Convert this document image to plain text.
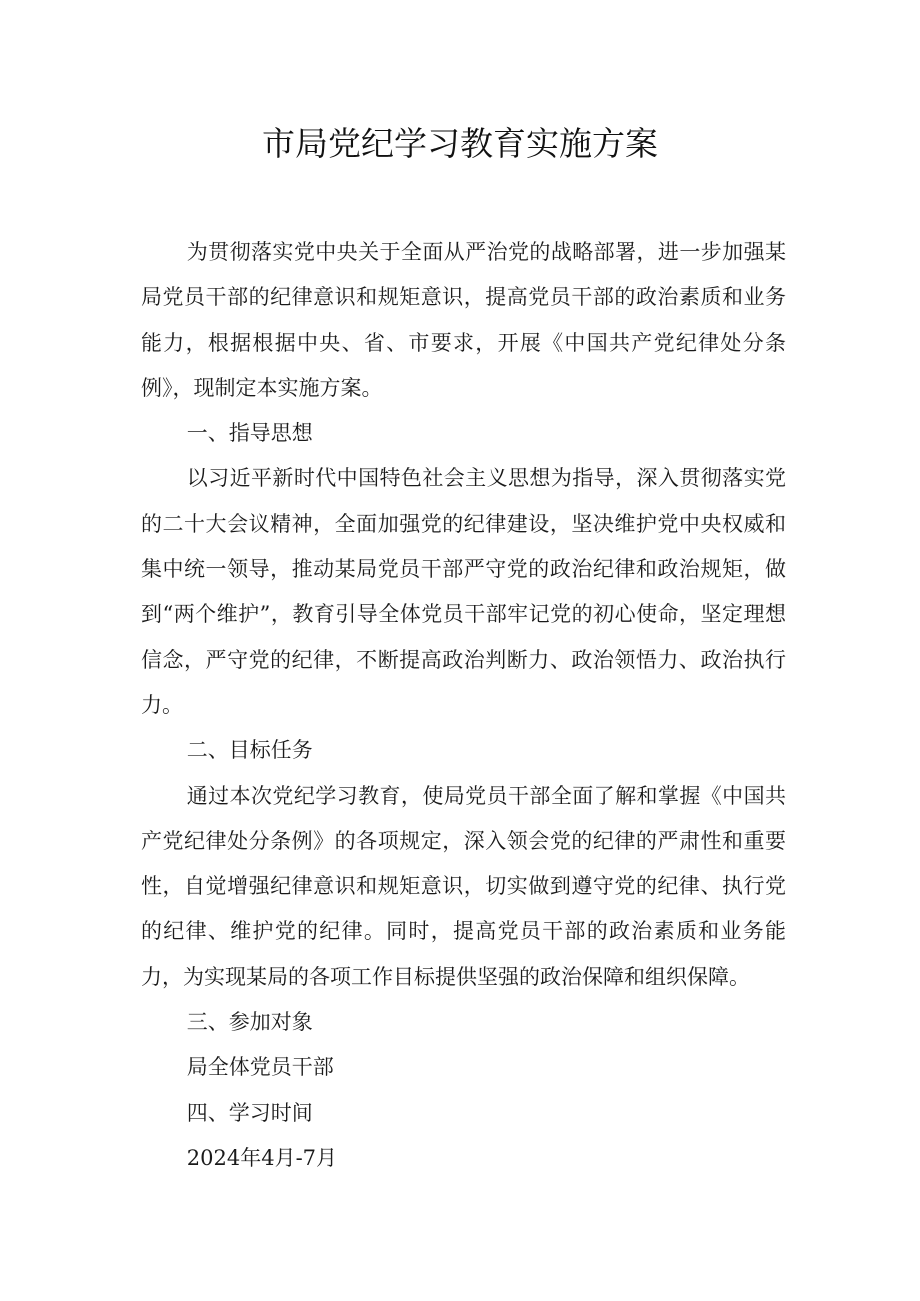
市局党纪学习教育实施方案

为贯彻落实党中央关于全面从严治党的战略部署，进一步加强某局党员干部的纪律意识和规矩意识，提高党员干部的政治素质和业务能力，根据根据中央、省、市要求，开展《中国共产党纪律处分条例》，现制定本实施方案。

一、指导思想

以习近平新时代中国特色社会主义思想为指导，深入贯彻落实党的二十大会议精神，全面加强党的纪律建设，坚决维护党中央权威和集中统一领导，推动某局党员干部严守党的政治纪律和政治规矩，做到“两个维护”，教育引导全体党员干部牢记党的初心使命，坚定理想信念，严守党的纪律，不断提高政治判断力、政治领悟力、政治执行力。

二、目标任务

通过本次党纪学习教育，使局党员干部全面了解和掌握《中国共产党纪律处分条例》的各项规定，深入领会党的纪律的严肃性和重要性，自觉增强纪律意识和规矩意识，切实做到遵守党的纪律、执行党的纪律、维护党的纪律。同时，提高党员干部的政治素质和业务能力，为实现某局的各项工作目标提供坚强的政治保障和组织保障。

三、参加对象

局全体党员干部

四、学习时间

2024年4月-7月
